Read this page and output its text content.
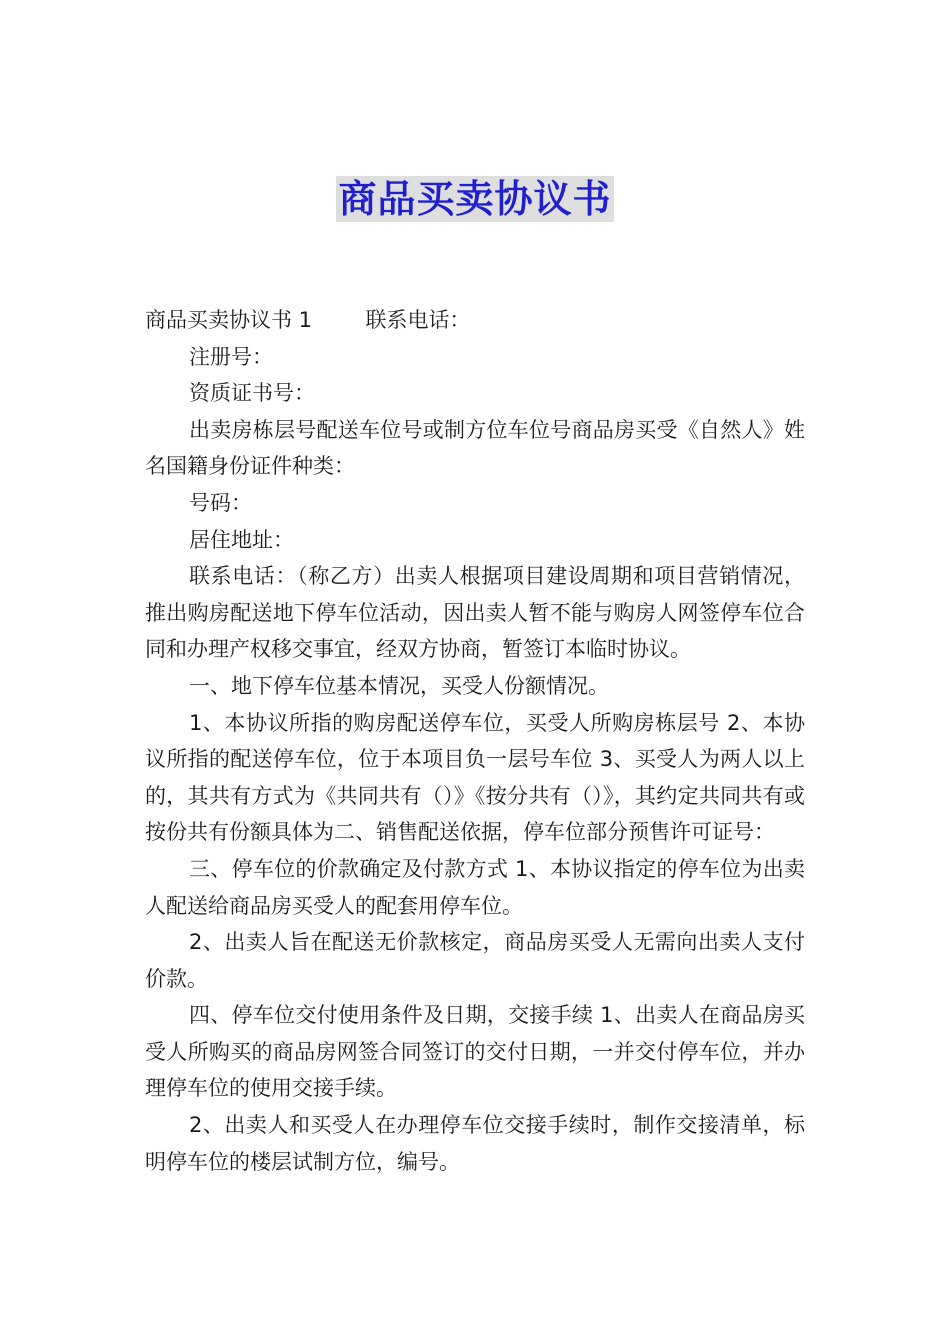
商品买卖协议书

商品买卖协议书 1        联系电话：

注册号：

资质证书号：

出卖房栋层号配送车位号或制方位车位号商品房买受《自然人》姓名国籍身份证件种类：

号码：

居住地址：

联系电话：（称乙方）出卖人根据项目建设周期和项目营销情况，推出购房配送地下停车位活动，因出卖人暂不能与购房人网签停车位合同和办理产权移交事宜，经双方协商，暂签订本临时协议。

一、地下停车位基本情况，买受人份额情况。

1、本协议所指的购房配送停车位，买受人所购房栋层号 2、本协议所指的配送停车位，位于本项目负一层号车位 3、买受人为两人以上的，其共有方式为《共同共有（）》《按分共有（）》，其约定共同共有或按份共有份额具体为二、销售配送依据，停车位部分预售许可证号：

三、停车位的价款确定及付款方式 1、本协议指定的停车位为出卖人配送给商品房买受人的配套用停车位。

2、出卖人旨在配送无价款核定，商品房买受人无需向出卖人支付价款。

四、停车位交付使用条件及日期，交接手续 1、出卖人在商品房买受人所购买的商品房网签合同签订的交付日期，一并交付停车位，并办理停车位的使用交接手续。

2、出卖人和买受人在办理停车位交接手续时，制作交接清单，标明停车位的楼层试制方位，编号。
